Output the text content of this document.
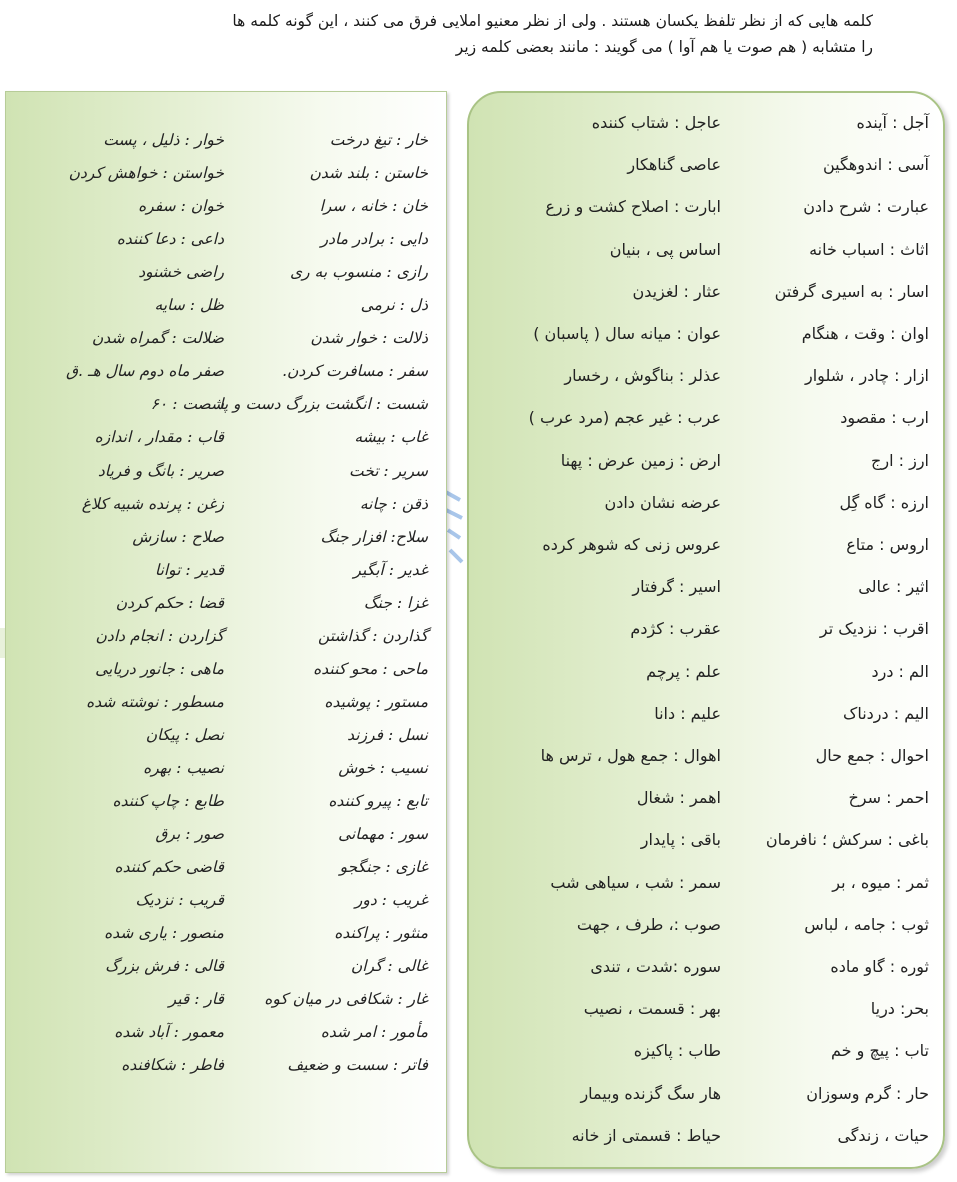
کلمه هایی که از نظر تلفظ یکسان هستند . ولی از نظر معنیو املایی فرق می کنند ، این گونه کلمه ها
را متشابه ( هم صوت یا هم آوا ) می گویند : مانند بعضی کلمه زیر
خار : تیغ درخت
خوار : ذلیل ، پست
خاستن : بلند شدن
خواستن : خواهش کردن
خان : خانه ، سرا
خوان : سفره
دایی : برادر مادر
داعی : دعا کننده
رازی : منسوب به ری
راضی خشنود
ذل : نرمی
ظل : سایه
ذلالت : خوار شدن
ضلالت : گمراه شدن
سفر : مسافرت کردن.
صفر ماه دوم سال هـ .ق
شست : انگشت بزرگ دست و پا
شصت : ۶۰
غاب : بیشه
قاب : مقدار ، اندازه
سریر : تخت
صریر : بانگ و فریاد
ذقن : چانه
زغن : پرنده شبیه کلاغ
سلاح: افزار جنگ
صلاح : سازش
غدیر : آبگیر
قدیر : توانا
غزا : جنگ
قضا : حکم کردن
گذاردن : گذاشتن
گزاردن : انجام دادن
ماحی : محو کننده
ماهی : جانور دریایی
مستور : پوشیده
مسطور : نوشته شده
نسل : فرزند
نصل : پیکان
نسیب : خوش
نصیب : بهره
تابع : پیرو کننده
طابع : چاپ کننده
سور : مهمانی
صور : برق
غازی : جنگجو
قاضی حکم کننده
غریب : دور
قریب : نزدیک
منثور : پراکنده
منصور : یاری شده
غالی : گران
قالی : فرش بزرگ
غار : شکافی در میان کوه
قار : قیر
مأمور : امر شده
معمور : آباد شده
فاتر : سست و ضعیف
فاطر : شکافنده
آجل : آینده
عاجل : شتاب کننده
آسی : اندوهگین
عاصی گناهکار
عبارت : شرح دادن
ابارت : اصلاح کشت و زرع
اثاث : اسباب خانه
اساس پی ، بنیان
اسار : به اسیری گرفتن
عثار : لغزیدن
اوان : وقت ، هنگام
عوان : میانه سال ( پاسبان )
ازار : چادر ، شلوار
عذلر : بناگوش ، رخسار
ارب : مقصود
عرب : غیر عجم (مرد عرب )
ارز : ارج
ارض : زمین عرض : پهنا
ارزه : گاه گِل
عرضه نشان دادن
اروس : متاع
عروس زنی که شوهر کرده
اثیر : عالی
اسیر : گرفتار
اقرب : نزدیک تر
عقرب : کژدم
الم : درد
علم : پرچم
الیم : دردناک
علیم : دانا
احوال : جمع حال
اهوال : جمع هول ، ترس ها
احمر : سرخ
اهمر : شغال
باغی : سرکش ؛ نافرمان
باقی : پایدار
ثمر : میوه ، بر
سمر : شب ، سیاهی شب
ثوب : جامه ، لباس
صوب :، طرف ، جهت
ثوره : گاو ماده
سوره :شدت ، تندی
بحر: دریا
بهر : قسمت ، نصیب
تاب : پیچ و خم
طاب : پاکیزه
حار : گرم وسوزان
هار سگ گزنده وبیمار
حیات ، زندگی
حیاط : قسمتی از خانه
